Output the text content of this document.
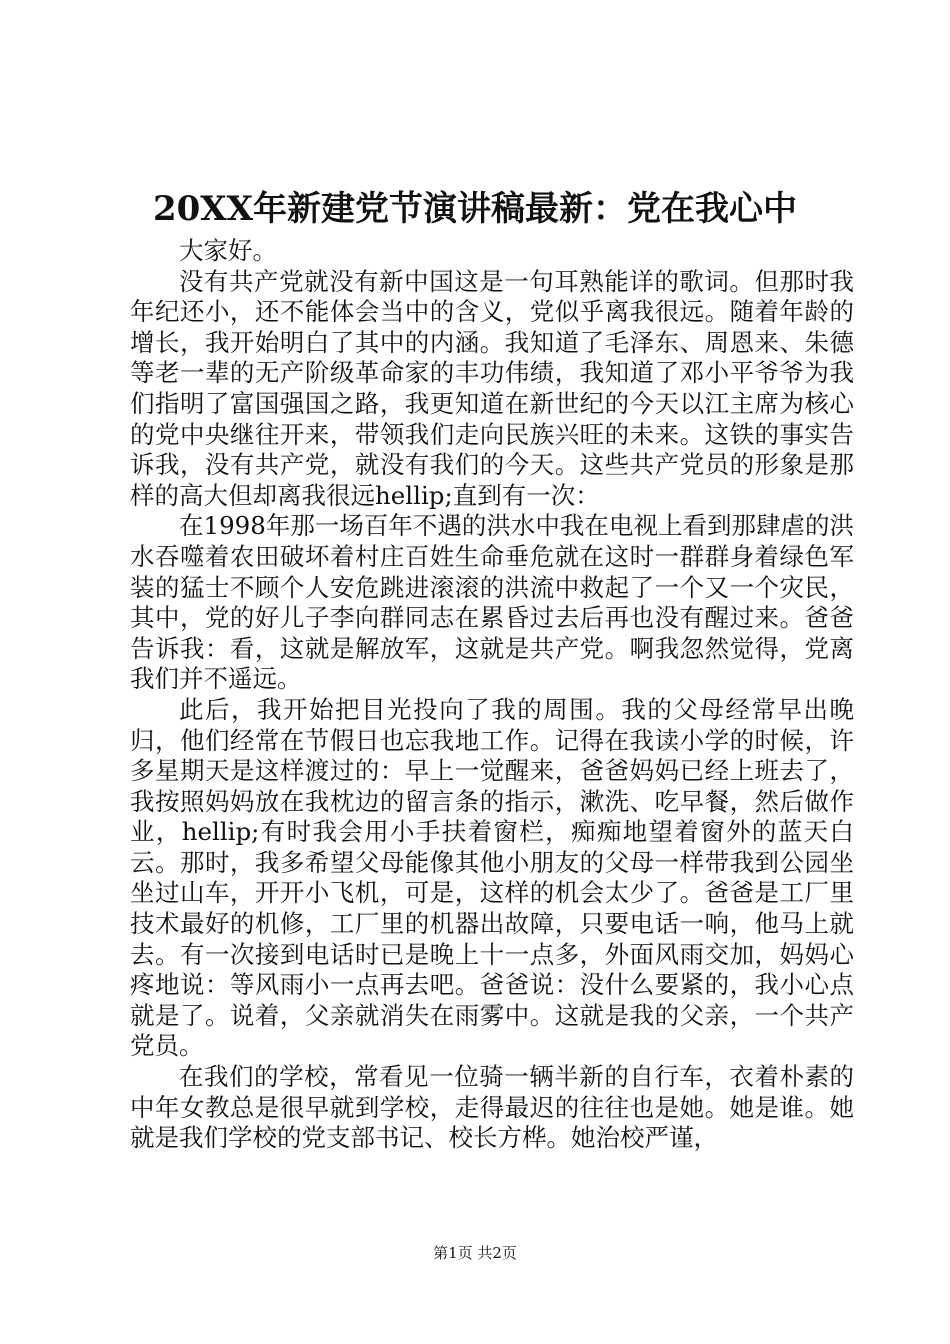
20XX年新建党节演讲稿最新：党在我心中

大家好。

没有共产党就没有新中国这是一句耳熟能详的歌词。但那时我年纪还小，还不能体会当中的含义，党似乎离我很远。随着年龄的增长，我开始明白了其中的内涵。我知道了毛泽东、周恩来、朱德等老一辈的无产阶级革命家的丰功伟绩，我知道了邓小平爷爷为我们指明了富国强国之路，我更知道在新世纪的今天以江主席为核心的党中央继往开来，带领我们走向民族兴旺的未来。这铁的事实告诉我，没有共产党，就没有我们的今天。这些共产党员的形象是那样的高大但却离我很远hellip;直到有一次：

在1998年那一场百年不遇的洪水中我在电视上看到那肆虐的洪水吞噬着农田破坏着村庄百姓生命垂危就在这时一群群身着绿色军装的猛士不顾个人安危跳进滚滚的洪流中救起了一个又一个灾民，其中，党的好儿子李向群同志在累昏过去后再也没有醒过来。爸爸告诉我：看，这就是解放军，这就是共产党。啊我忽然觉得，党离我们并不遥远。

此后，我开始把目光投向了我的周围。我的父母经常早出晚归，他们经常在节假日也忘我地工作。记得在我读小学的时候，许多星期天是这样渡过的：早上一觉醒来，爸爸妈妈已经上班去了，我按照妈妈放在我枕边的留言条的指示，漱洗、吃早餐，然后做作业，hellip;有时我会用小手扶着窗栏，痴痴地望着窗外的蓝天白云。那时，我多希望父母能像其他小朋友的父母一样带我到公园坐坐过山车，开开小飞机，可是，这样的机会太少了。爸爸是工厂里技术最好的机修，工厂里的机器出故障，只要电话一响，他马上就去。有一次接到电话时已是晚上十一点多，外面风雨交加，妈妈心疼地说：等风雨小一点再去吧。爸爸说：没什么要紧的，我小心点就是了。说着，父亲就消失在雨雾中。这就是我的父亲，一个共产党员。

在我们的学校，常看见一位骑一辆半新的自行车，衣着朴素的中年女教总是很早就到学校，走得最迟的往往也是她。她是谁。她就是我们学校的党支部书记、校长方桦。她治校严谨，

第1页 共2页
